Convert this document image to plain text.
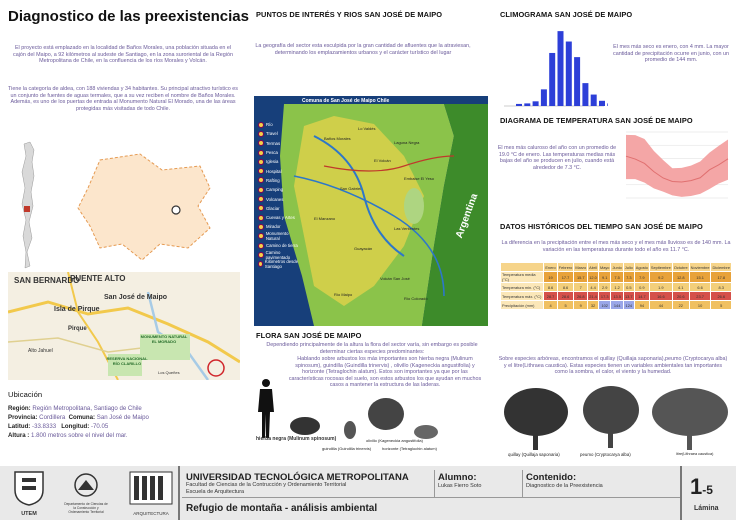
Diagnostico de las preexistencias
El proyecto está emplazado en la localidad de Baños Morales, una población situada en el cajón del Maipo, a 92 kilómetros al sudeste de Santiago, en la zona suroriental de la Región Metropolitana de Chile, en la confluencia de los ríos Morales y Volcán.
Tiene la categoría de aldea, con 188 viviendas y 34 habitantes. Su principal atractivo turístico es un conjunto de fuentes de aguas termales, que a su vez reciben el nombre de Baños Morales. Además, es uno de los puertas de entrada al Monumento Natural El Morado, una de las áreas protegidas más visitadas de todo Chile.
SAN BERNARDO
PUENTE ALTO
Isla de Pirque
San José de Maipo
Pirque
RESERVA NACIONAL RÍO CLARILLO
MONUMENTO NATURAL EL MORADO
Alto Jahuel
Los Queñes
Ubicación
Región: Región Metropolitana, Santiago de Chile
Provincia: Cordillera Comuna: San José de Maipo
Latitud: -33.8333 Longitud: -70.05
Altura : 1.800 metros sobre el nivel del mar.
PUNTOS DE INTERÉS Y RIOS SAN JOSÉ DE MAIPO
La geografía del sector esta esculpida por la gran cantidad de afluentes que la atraviesan, determinando los emplazamientos urbanos y el carácter turístico del lugar
Comuna de San José de Maipo Chile
Argentina
Río
Travel
Termas
Pesca
Iglesia
Hospital
Rafting
Camping
Volcanes
Glaciar
Cuevas y Artes
Mirador
Monumento Natural
Camino de tierra
Camino pavimentado
Kilómetros desde Santiago
Baños Morales
Lo Valdés
El Volcán
San Gabriel
El Manzano
Guayacán
Las Vertientes
Embalse El Yeso
Laguna Negra
Volcán San José
Río Maipo
Río Colorado
FLORA SAN JOSÉ DE MAIPO
Dependiendo principalmente de la altura la flora del sector varía, sin embargo es posible determinar ciertas especies predominantes:
Hablando sobre arbustos los más importantes son hierba negra (Mulinum spinosum), guindilla (Guindilla trinervis) , olivillo (Kageneckia angustifolia) y horizonte (Tetraglochin alatum). Estos son importantes ya que por las características rocosas del suelo, son estos arbustos los que ayudan en muchos casos a mantener la estructura de las laderas.
Sobre especies arbóreas, encontramos el quillay (Quillaja saponaria),peumo (Cryptocarya alba) y el litre(Lithraea caustica). Estas especies tienen un variables ambientales tan importantes como la sombra, el calor, el viento y la humedad.
hierba negra (Mulinum spinosum)
guindilla (Guindilla trinervis)
olivillo (Kageneckia angustifolia)
horizonte (Tetraglochin alatum)
quillay (Quillaja saponaria)	peumo (Cryptocarya alba)	litre(Lithraea caustica)
CLIMOGRAMA SAN JOSÉ DE MAIPO
El mes más seco es enero, con 4 mm. La mayor cantidad de precipitación ocurre en junio, con un promedio de 144 mm.
DIAGRAMA DE TEMPERATURA SAN JOSÉ DE MAIPO
El mes más caluroso del año con un promedio de 19.0 °C de enero. Las temperaturas medias más bajas del año se producen en julio, cuando está alrededor de 7.3 °C.
DATOS HISTÓRICOS DEL TIEMPO SAN JOSÉ DE MAIPO
La diferencia en la precipitación entre el mes más seco y el mes más lluvioso es de 140 mm. La variación en las temperaturas durante todo el año es 11.7 °C.
	Enero	Febrero	Marzo	Abril	Mayo	Junio	Julio	Agosto	Septiembre	Octubre	Noviembre	Diciembre
Temperatura media (°C)	19	17.7	15.7	12.0	9.1	7.5	7.3	7.9	9.2	12.8	15.1	17.8
Temperatura min. (°C)	8.6	8.6	7	4.4	2.9	1.2	0.5	0.9	1.9	4.1	6.6	8.3
Temperatura máx. (°C)	28.7	28.6	26.8	21.4	17.3	13.5	13.7	14.7	16.6	20.6	23.7	26.6
Precipitación (mm)	4	5	9	32	102	144	124	94	44	22	10	5
UTEM
Departamento de Ciencias de la Construcción y Ordenamiento Territorial	ARQUITECTURA
UNIVERSIDAD TECNOLÓGICA METROPOLITANA
Facultad de Ciencias de la Contrucción y Ordenamiento Territorial
Escuela de Arquitectura
Refugio de montaña - análisis ambiental
Alumno:
Lukas Fierro Soto
Contenido:
Diagnostico de la Preexistencia	1-5
Lámina
